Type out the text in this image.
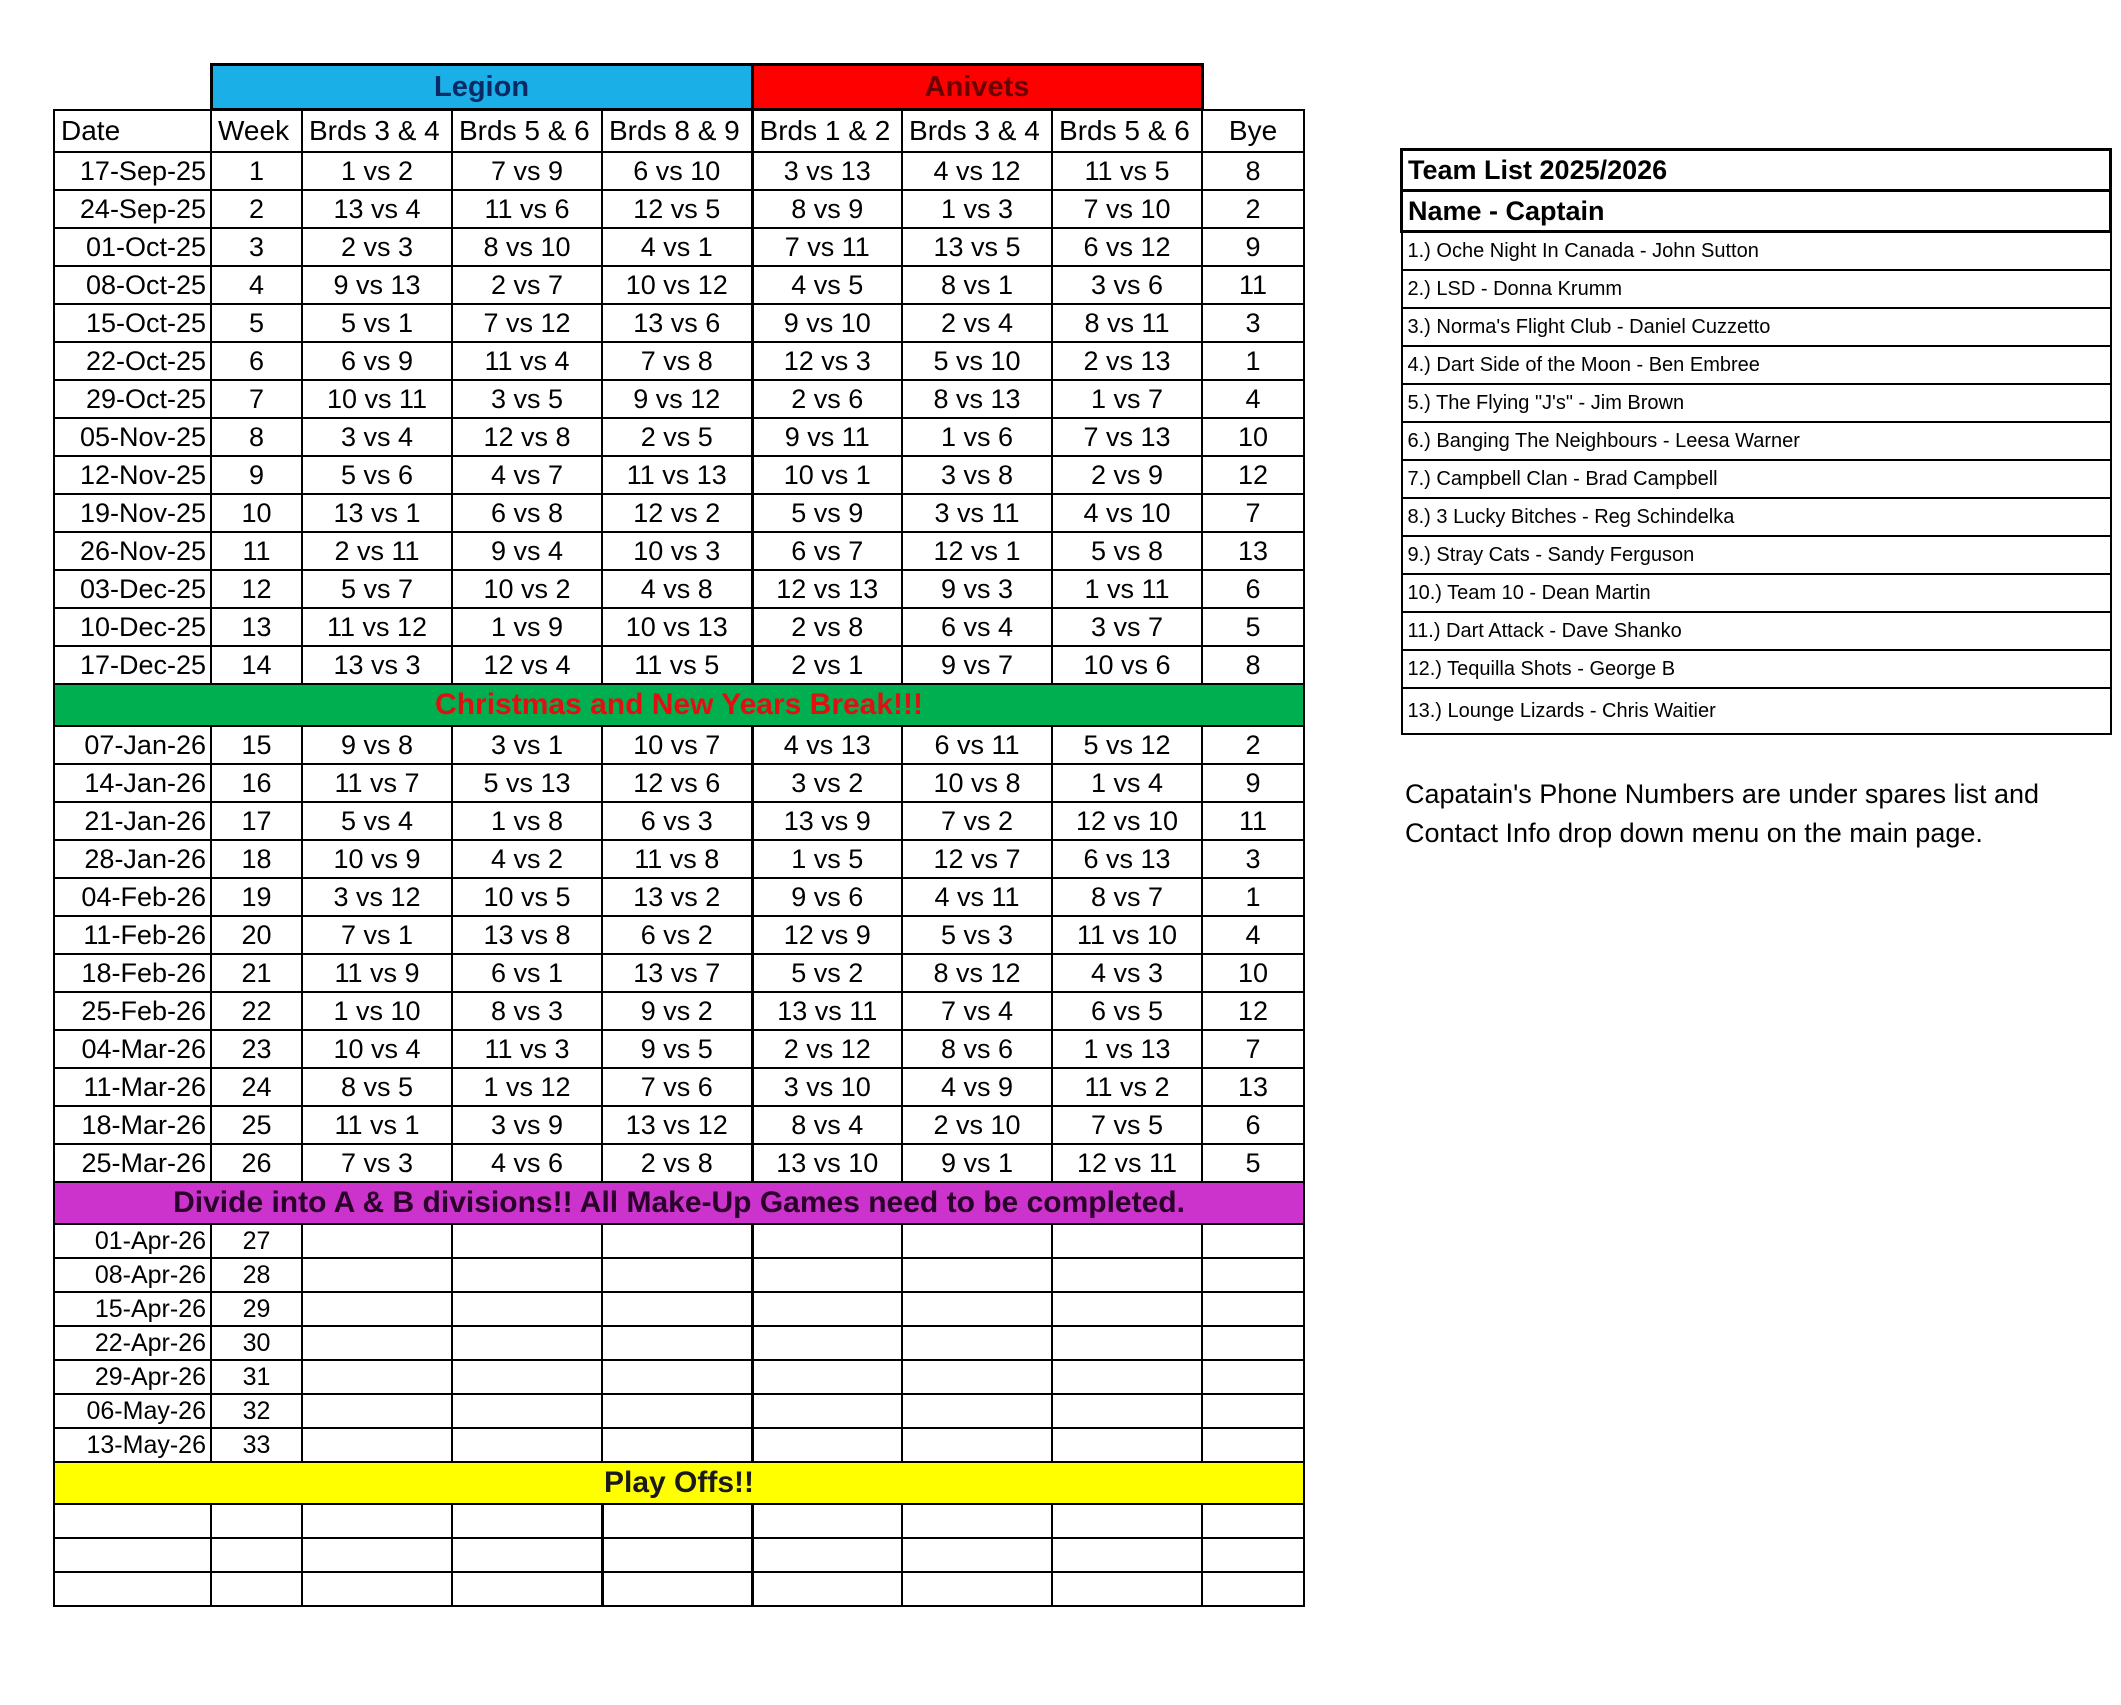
	Legion				Anivets			
Date	Week	Brds 3 & 4	Brds 5 & 6	Brds 8 & 9	Brds 1 & 2	Brds 3 & 4	Brds 5 & 6	Bye
17-Sep-25	1	1 vs 2	7 vs 9	6 vs 10	3 vs 13	4 vs 12	11 vs 5	8
24-Sep-25	2	13 vs 4	11 vs 6	12 vs 5	8 vs 9	1 vs 3	7 vs 10	2
01-Oct-25	3	2 vs 3	8 vs 10	4 vs 1	7 vs 11	13 vs 5	6 vs 12	9
08-Oct-25	4	9 vs 13	2 vs 7	10 vs 12	4 vs 5	8 vs 1	3 vs 6	11
15-Oct-25	5	5 vs 1	7 vs 12	13 vs 6	9 vs 10	2 vs 4	8 vs 11	3
22-Oct-25	6	6 vs 9	11 vs 4	7 vs 8	12 vs 3	5 vs 10	2 vs 13	1
29-Oct-25	7	10 vs 11	3 vs 5	9 vs 12	2 vs 6	8 vs 13	1 vs 7	4
05-Nov-25	8	3 vs 4	12 vs 8	2 vs 5	9 vs 11	1 vs 6	7 vs 13	10
12-Nov-25	9	5 vs 6	4 vs 7	11 vs 13	10 vs 1	3 vs 8	2 vs 9	12
19-Nov-25	10	13 vs 1	6 vs 8	12 vs 2	5 vs 9	3 vs 11	4 vs 10	7
26-Nov-25	11	2 vs 11	9 vs 4	10 vs 3	6 vs 7	12 vs 1	5 vs 8	13
03-Dec-25	12	5 vs 7	10 vs 2	4 vs 8	12 vs 13	9 vs 3	1 vs 11	6
10-Dec-25	13	11 vs 12	1 vs 9	10 vs 13	2 vs 8	6 vs 4	3 vs 7	5
17-Dec-25	14	13 vs 3	12 vs 4	11 vs 5	2 vs 1	9 vs 7	10 vs 6	8
Christmas and New Years Break!!!								
07-Jan-26	15	9 vs 8	3 vs 1	10 vs 7	4 vs 13	6 vs 11	5 vs 12	2
14-Jan-26	16	11 vs 7	5 vs 13	12 vs 6	3 vs 2	10 vs 8	1 vs 4	9
21-Jan-26	17	5 vs 4	1 vs 8	6 vs 3	13 vs 9	7 vs 2	12 vs 10	11
28-Jan-26	18	10 vs 9	4 vs 2	11 vs 8	1 vs 5	12 vs 7	6 vs 13	3
04-Feb-26	19	3 vs 12	10 vs 5	13 vs 2	9 vs 6	4 vs 11	8 vs 7	1
11-Feb-26	20	7 vs 1	13 vs 8	6 vs 2	12 vs 9	5 vs 3	11 vs 10	4
18-Feb-26	21	11 vs 9	6 vs 1	13 vs 7	5 vs 2	8 vs 12	4 vs 3	10
25-Feb-26	22	1 vs 10	8 vs 3	9 vs 2	13 vs 11	7 vs 4	6 vs 5	12
04-Mar-26	23	10 vs 4	11 vs 3	9 vs 5	2 vs 12	8 vs 6	1 vs 13	7
11-Mar-26	24	8 vs 5	1 vs 12	7 vs 6	3 vs 10	4 vs 9	11 vs 2	13
18-Mar-26	25	11 vs 1	3 vs 9	13 vs 12	8 vs 4	2 vs 10	7 vs 5	6
25-Mar-26	26	7 vs 3	4 vs 6	2 vs 8	13 vs 10	9 vs 1	12 vs 11	5
Divide into A & B divisions!! All Make-Up Games need to be completed.								
01-Apr-26	27							
08-Apr-26	28							
15-Apr-26	29							
22-Apr-26	30							
29-Apr-26	31							
06-May-26	32							
13-May-26	33							
Play Offs!!								

Team List 2025/2026
Name - Captain
1.) Oche Night In Canada - John Sutton
2.) LSD - Donna Krumm
3.) Norma's Flight Club - Daniel Cuzzetto
4.) Dart Side of the Moon - Ben Embree
5.) The Flying "J's" - Jim Brown
6.) Banging The Neighbours - Leesa Warner
7.) Campbell Clan - Brad Campbell
8.) 3 Lucky Bitches - Reg Schindelka
9.) Stray Cats - Sandy Ferguson
10.) Team 10 - Dean Martin
11.) Dart Attack - Dave Shanko
12.) Tequilla Shots - George B
13.) Lounge Lizards - Chris Waitier
Capatain's Phone Numbers are under spares list and
Contact Info drop down menu on the main page.
